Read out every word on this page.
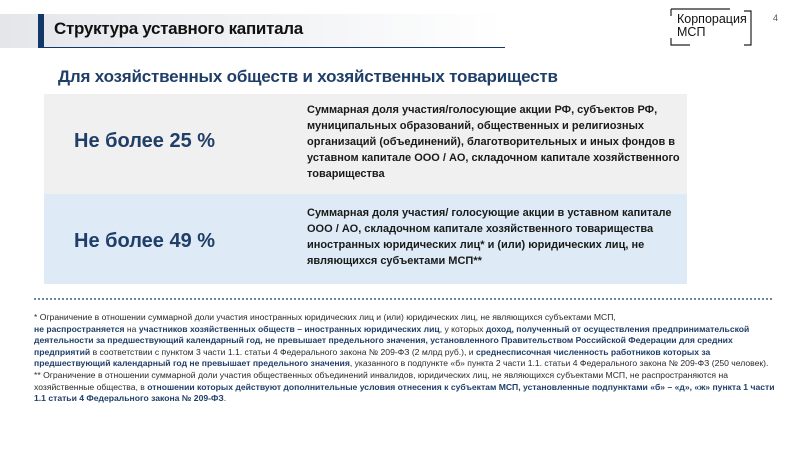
Структура уставного капитала	Корпорация
МСП
4
Для хозяйственных обществ и хозяйственных товариществ
Не более 25 %
Суммарная доля участия/голосующие акции РФ, субъектов РФ, муниципальных образований, общественных и религиозных организаций (объединений), благотворительных и иных фондов в уставном капитале ООО / АО, складочном капитале хозяйственного товарищества
Не более 49 %
Суммарная доля участия/ голосующие акции в уставном капитале ООО / АО, складочном капитале хозяйственного товарищества иностранных юридических лиц* и (или) юридических лиц, не являющихся субъектами МСП**

* Ограничение в отношении суммарной доли участия иностранных юридических лиц и (или) юридических лиц, не являющихся субъектами МСП,
не распространяется на участников хозяйственных обществ – иностранных юридических лиц, у которых доход, полученный от осуществления предпринимательской деятельности за предшествующий календарный год, не превышает предельного значения, установленного Правительством Российской Федерации для средних предприятий в соответствии с пунктом 3 части 1.1. статьи 4 Федерального закона № 209-ФЗ (2 млрд руб.), и среднесписочная численность работников которых за предшествующий календарный год не превышает предельного значения, указанного в подпункте «б» пункта 2 части 1.1. статьи 4 Федерального закона № 209-ФЗ (250 человек).

** Ограничение в отношении суммарной доли участия общественных объединений инвалидов, юридических лиц, не являющихся субъектами МСП, не распространяются на хозяйственные общества, в отношении которых действуют дополнительные условия отнесения к субъектам МСП, установленные подпунктами «б» – «д», «ж» пункта 1 части 1.1 статьи 4 Федерального закона № 209-ФЗ.
